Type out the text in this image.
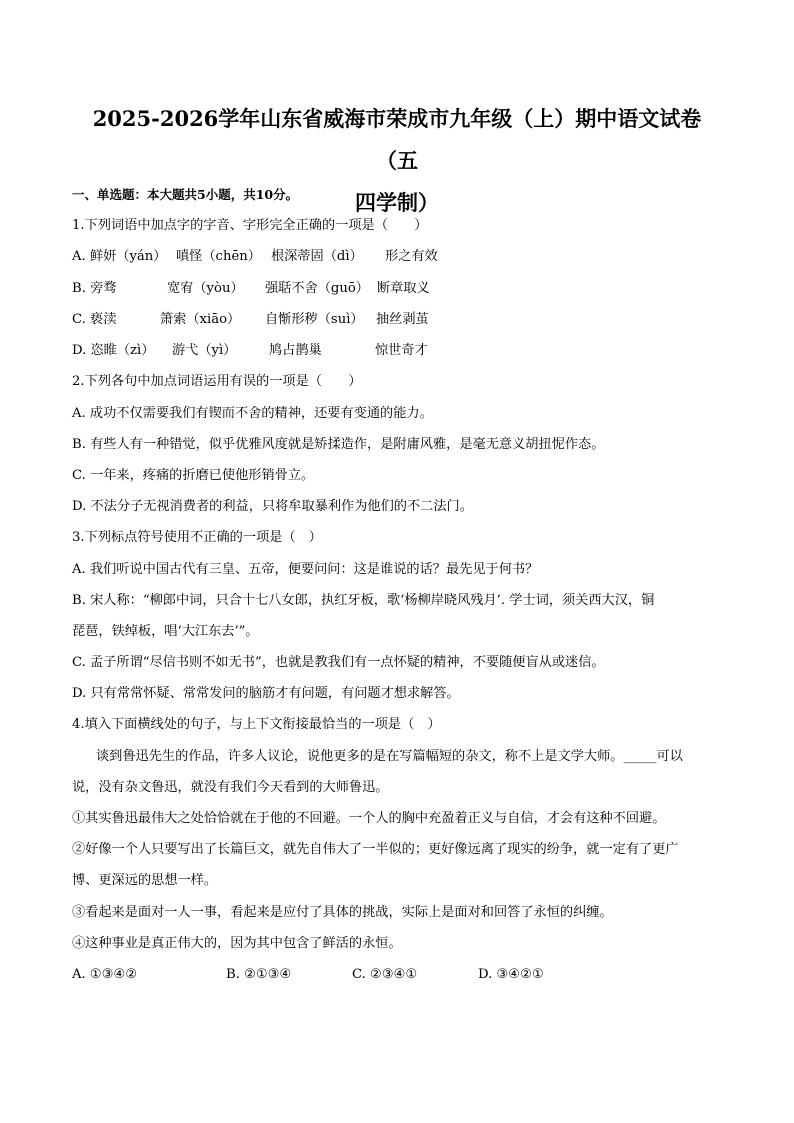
2025-2026学年山东省威海市荣成市九年级（上）期中语文试卷（五
四学制）
一、单选题：本大题共5小题，共10分。
1.下列词语中加点字的字音、字形完全正确的一项是（　　）
A. 鲜妍（yán） 嗔怪（chēn） 根深蒂固（dì） 形之有效
B. 旁骛	宽宥（yòu） 强聒不舍（guō） 断章取义
C. 亵渎	箫索（xiāo） 自惭形秽（suì） 抽丝剥茧
D. 恣睢（zì） 游弋（yì） 鸠占鹊巢	惊世奇才
2.下列各句中加点词语运用有误的一项是（　　）
A. 成功不仅需要我们有锲而不舍的精神，还要有变通的能力。
B. 有些人有一种错觉，似乎优雅风度就是矫揉造作，是附庸风雅，是毫无意义胡扭怩作态。
C. 一年来，疼痛的折磨已使他形销骨立。
D. 不法分子无视消费者的利益，只将牟取暴利作为他们的不二法门。
3.下列标点符号使用不正确的一项是（　）
A. 我们听说中国古代有三皇、五帝，便要问问：这是谁说的话？最先见于何书？
B. 宋人称：“柳郎中词，只合十七八女郎，执红牙板，歌‘杨柳岸晓风残月’. 学士词，须关西大汉，铜
琵琶，铁绰板，唱‘大江东去’”。
C. 孟子所谓“尽信书则不如无书”，也就是教我们有一点怀疑的精神，不要随便盲从或迷信。
D. 只有常常怀疑、常常发问的脑筋才有问题，有问题才想求解答。
4.填入下面横线处的句子，与上下文衔接最恰当的一项是（　）
谈到鲁迅先生的作品，许多人议论，说他更多的是在写篇幅短的杂文，称不上是文学大师。_____可以
说，没有杂文鲁迅，就没有我们今天看到的大师鲁迅。
①其实鲁迅最伟大之处恰恰就在于他的不回避。一个人的胸中充盈着正义与自信，才会有这种不回避。
②好像一个人只要写出了长篇巨文，就先自伟大了一半似的；更好像远离了现实的纷争，就一定有了更广
博、更深远的思想一样。
③看起来是面对一人一事，看起来是应付了具体的挑战，实际上是面对和回答了永恒的纠缠。
④这种事业是真正伟大的，因为其中包含了鲜活的永恒。
A. ①③④②	B. ②①③④	C. ②③④①	D. ③④②①
